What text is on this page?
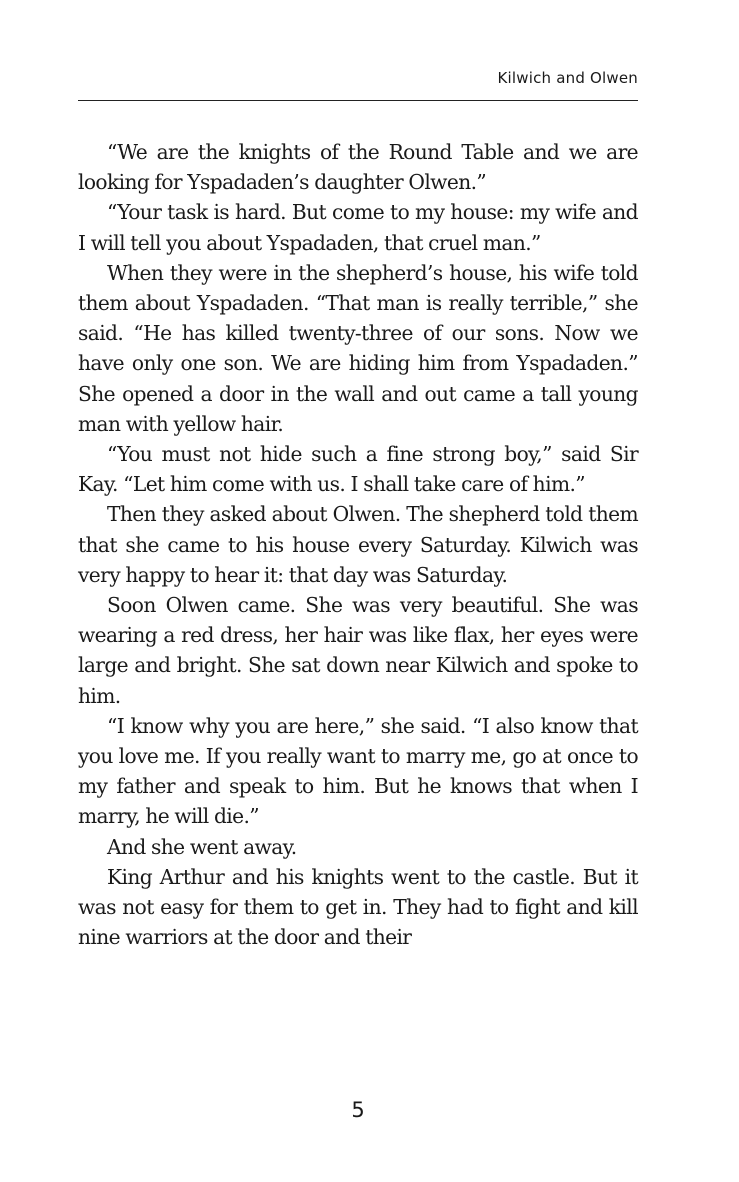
Kilwich and Olwen

“We are the knights of the Round Table and we are looking for Yspadaden’s daughter Olwen.”

“Your task is hard. But come to my house: my wife and I will tell you about Yspadaden, that cruel man.”

When they were in the shepherd’s house, his wife told them about Yspadaden. “That man is really terrible,” she said. “He has killed twenty-three of our sons. Now we have only one son. We are hiding him from Yspadaden.” She opened a door in the wall and out came a tall young man with yellow hair.

“You must not hide such a fine strong boy,” said Sir Kay. “Let him come with us. I shall take care of him.”

Then they asked about Olwen. The shepherd told them that she came to his house every Saturday. Kilwich was very happy to hear it: that day was Saturday.

Soon Olwen came. She was very beautiful. She was wearing a red dress, her hair was like flax, her eyes were large and bright. She sat down near Kilwich and spoke to him.

“I know why you are here,” she said. “I also know that you love me. If you really want to marry me, go at once to my father and speak to him. But he knows that when I marry, he will die.”

And she went away.

King Arthur and his knights went to the castle. But it was not easy for them to get in. They had to fight and kill nine warriors at the door and their

5
